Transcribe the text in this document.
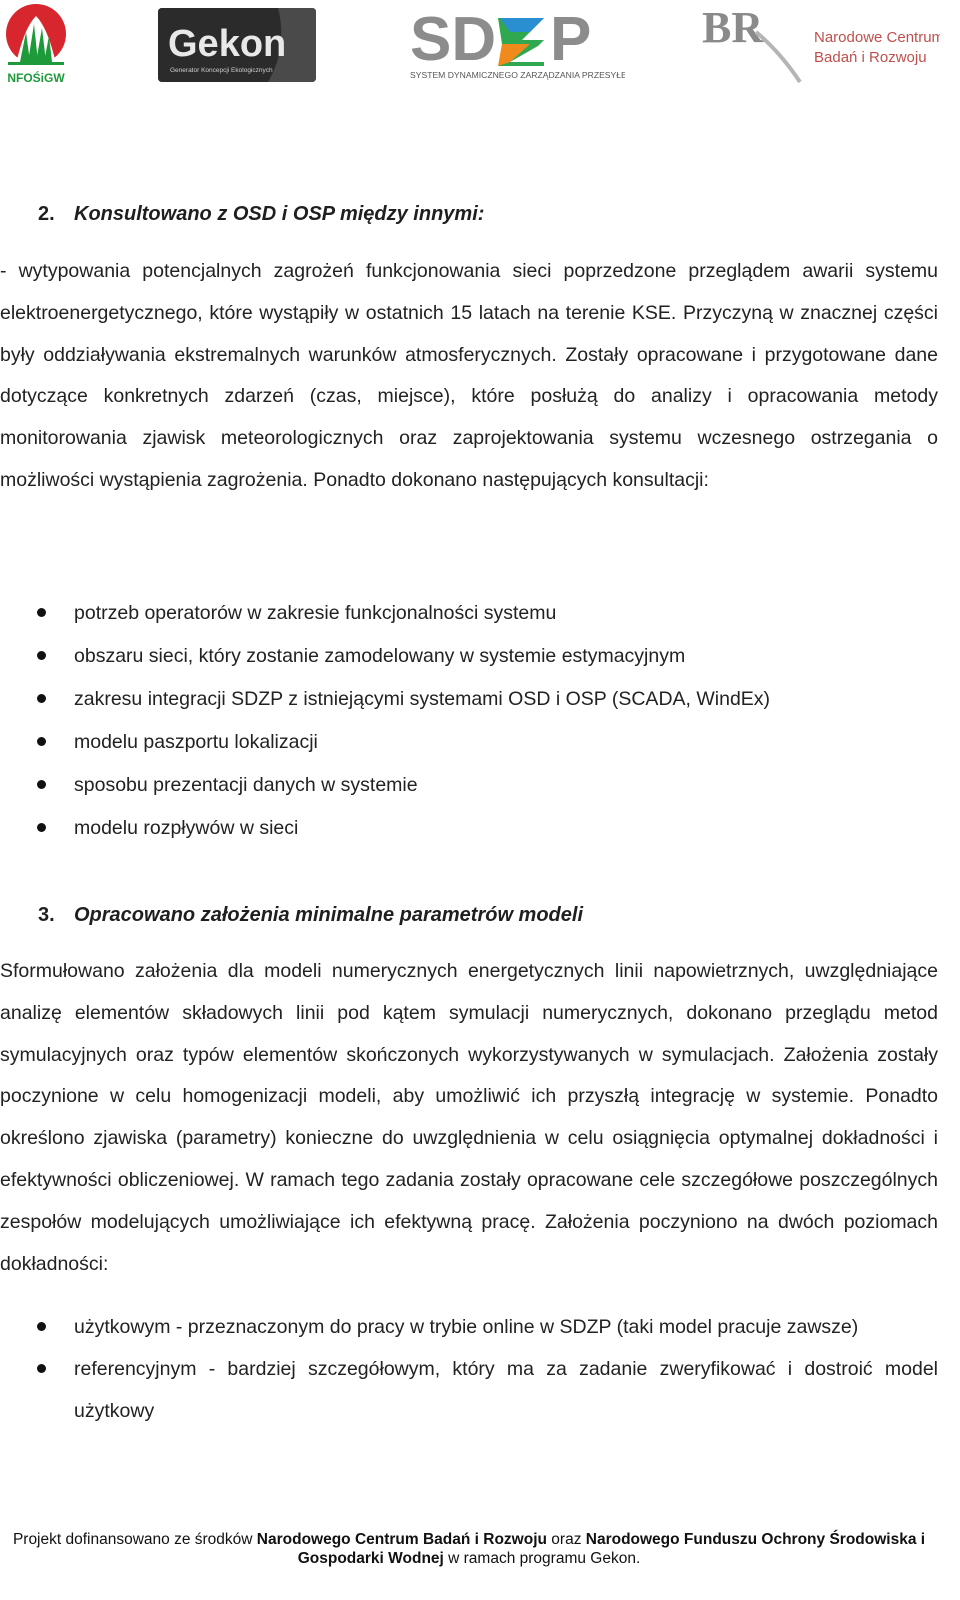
NFOŚiGW
Gekon
Generator Koncepcji Ekologicznych SD P
SYSTEM DYNAMICZNEGO ZARZĄDZANIA PRZESYŁEM
BR	Narodowe Centrum
Badań i Rozwoju
2. Konsultowano z OSD i OSP między innymi:
- wytypowania potencjalnych zagrożeń funkcjonowania sieci poprzedzone przeglądem awarii systemu elektroenergetycznego, które wystąpiły w ostatnich 15 latach na terenie KSE. Przyczyną w znacznej części były oddziaływania ekstremalnych warunków atmosferycznych. Zostały opracowane i przygotowane dane dotyczące konkretnych zdarzeń (czas, miejsce), które posłużą do analizy i opracowania metody monitorowania zjawisk meteorologicznych oraz zaprojektowania systemu wczesnego ostrzegania o możliwości wystąpienia zagrożenia. Ponadto dokonano następujących konsultacji:
potrzeb operatorów w zakresie funkcjonalności systemu
obszaru sieci, który zostanie zamodelowany w systemie estymacyjnym
zakresu integracji SDZP z istniejącymi systemami OSD i OSP (SCADA, WindEx)
modelu paszportu lokalizacji
sposobu prezentacji danych w systemie
modelu rozpływów w sieci
3. Opracowano założenia minimalne parametrów modeli
Sformułowano założenia dla modeli numerycznych energetycznych linii napowietrznych, uwzględniające analizę elementów składowych linii pod kątem symulacji numerycznych, dokonano przeglądu metod symulacyjnych oraz typów elementów skończonych wykorzystywanych w symulacjach. Założenia zostały poczynione w celu homogenizacji modeli, aby umożliwić ich przyszłą integrację w systemie. Ponadto określono zjawiska (parametry) konieczne do uwzględnienia w celu osiągnięcia optymalnej dokładności i efektywności obliczeniowej. W ramach tego zadania zostały opracowane cele szczegółowe poszczególnych zespołów modelujących umożliwiające ich efektywną pracę. Założenia poczyniono na dwóch poziomach dokładności:
użytkowym - przeznaczonym do pracy w trybie online w SDZP (taki model pracuje zawsze)
referencyjnym - bardziej szczegółowym, który ma za zadanie zweryfikować i dostroić model użytkowy
Projekt dofinansowano ze środków Narodowego Centrum Badań i Rozwoju oraz Narodowego Funduszu Ochrony Środowiska i Gospodarki Wodnej w ramach programu Gekon.
